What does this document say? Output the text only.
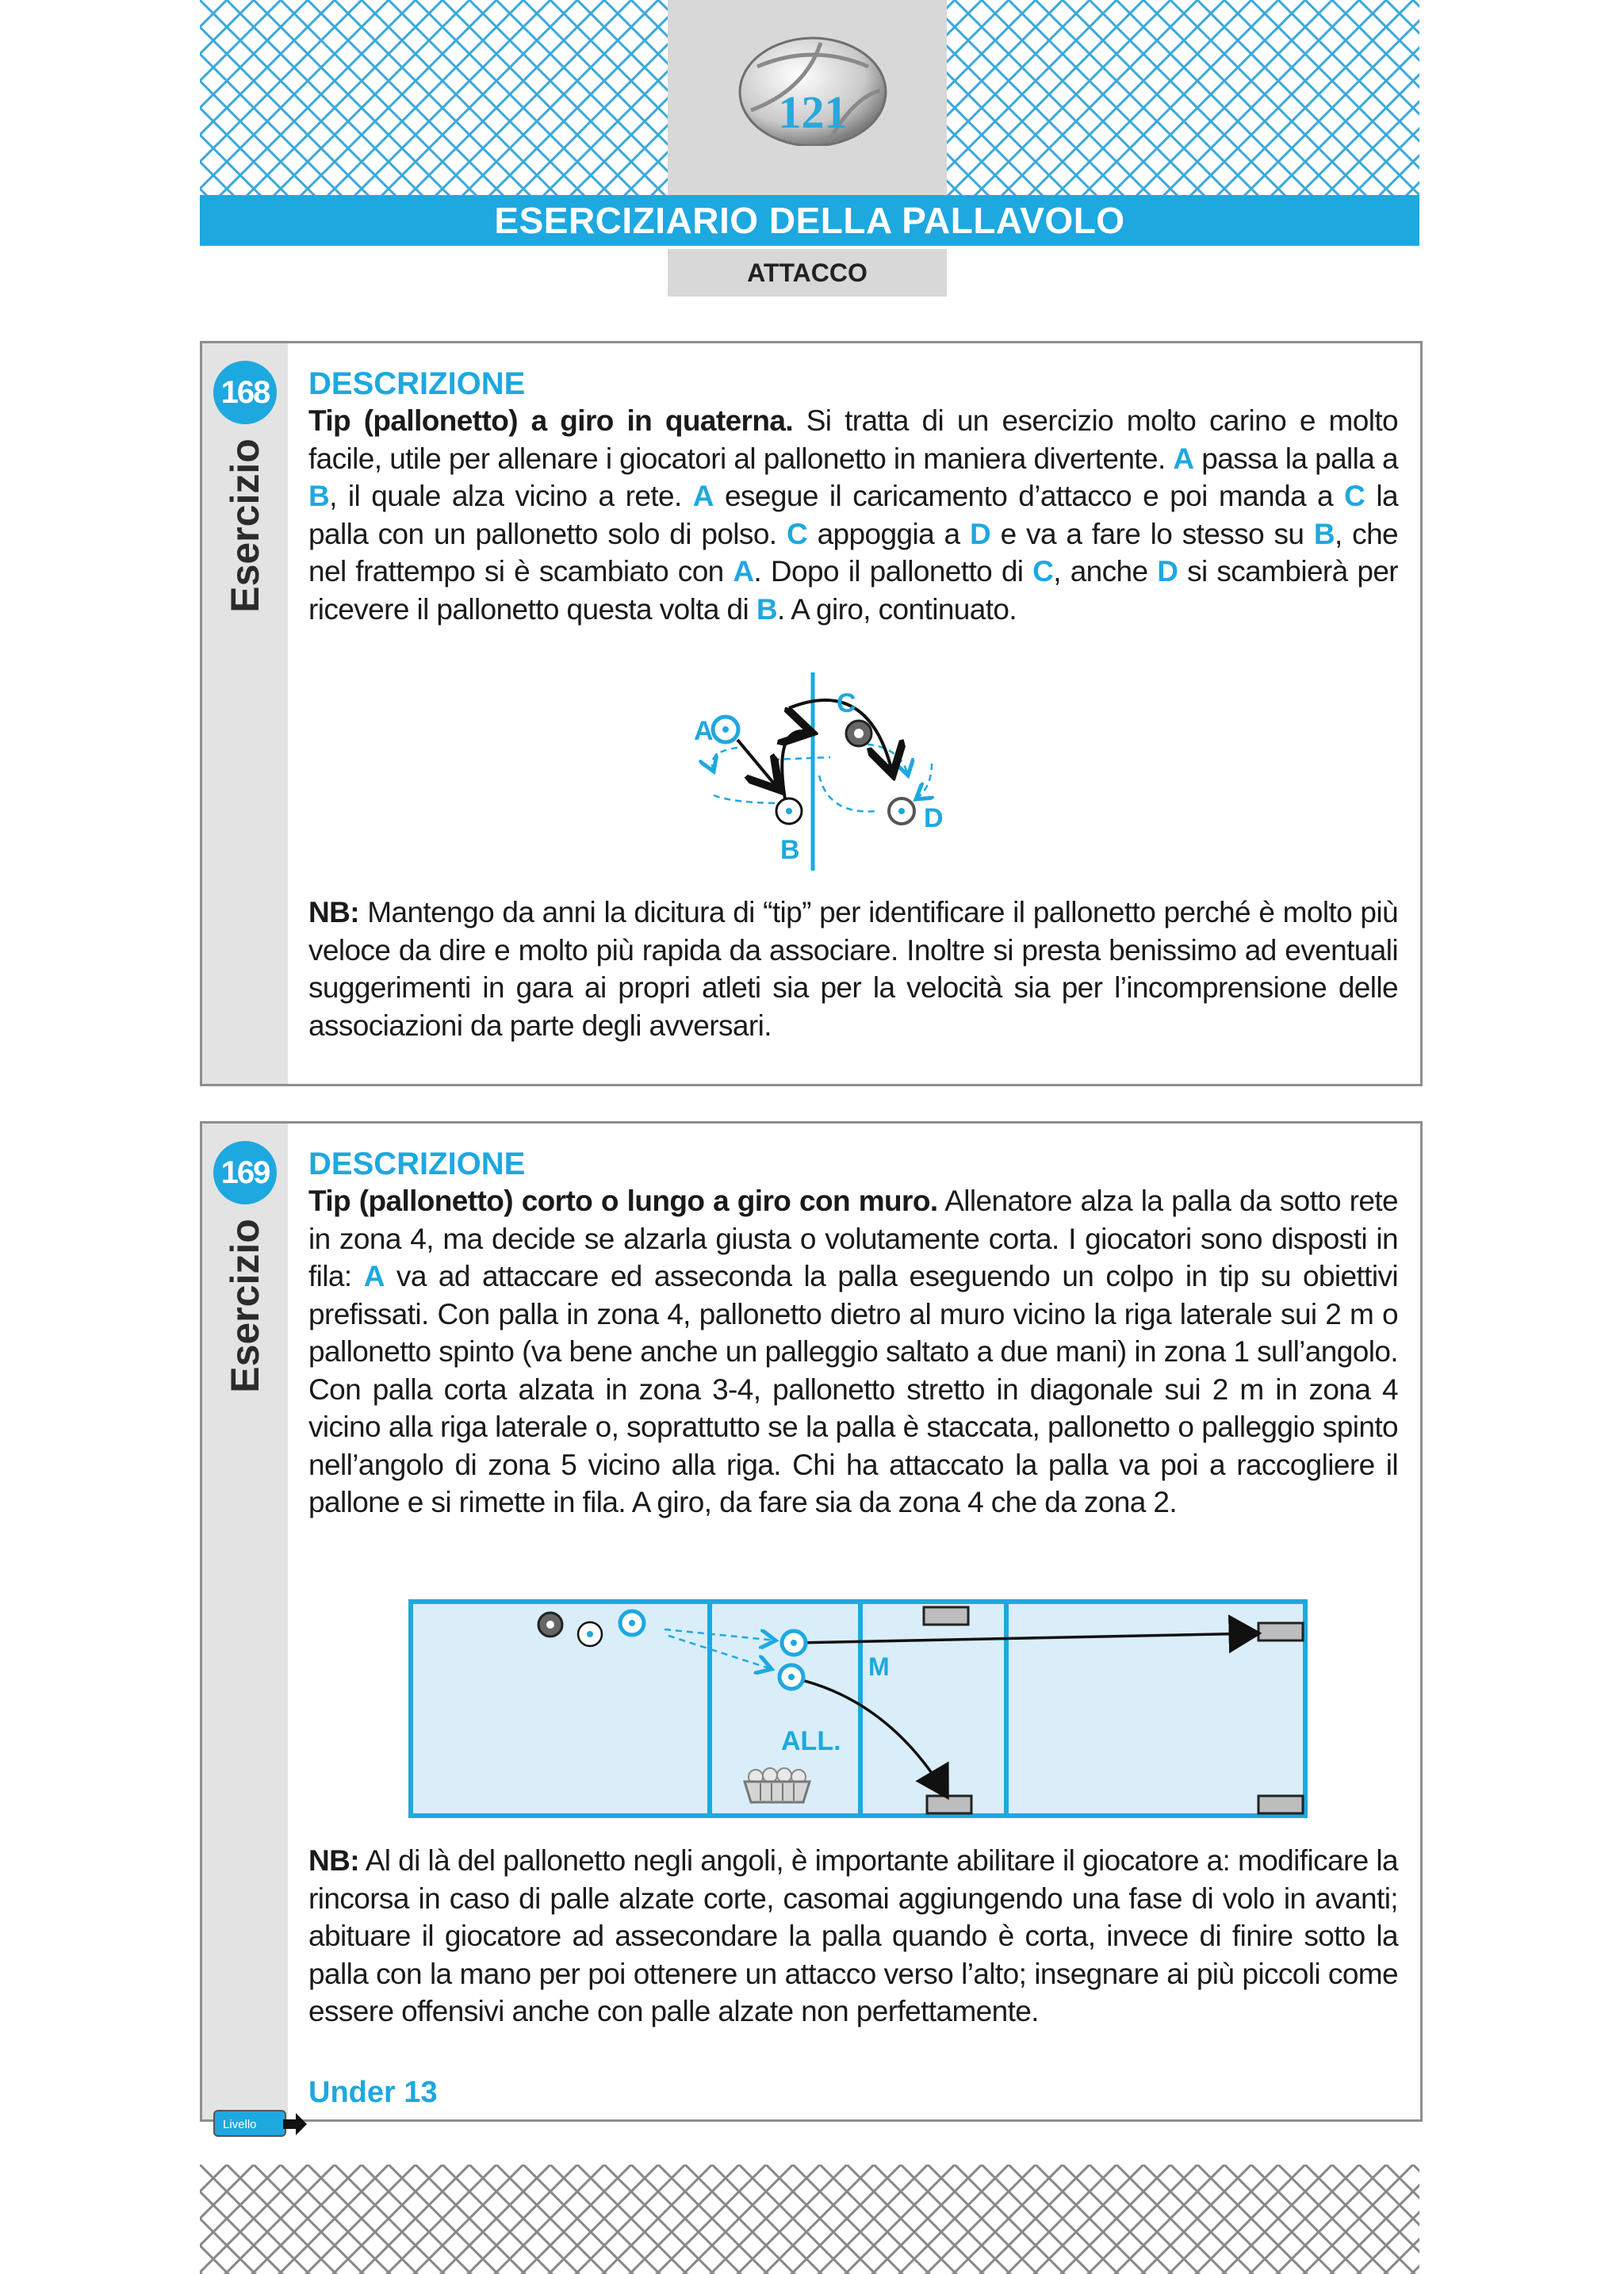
121
ESERCIZIARIO DELLA PALLAVOLO
ATTACCO
168
Esercizio
DESCRIZIONE

Tip (pallonetto) a giro in quaterna. Si tratta di un esercizio molto carino e molto facile, utile per allenare i giocatori al pallonetto in maniera divertente. A passa la palla a B, il quale alza vicino a rete. A esegue il caricamento d’attacco e poi manda a C la palla con un pallonetto solo di polso. C appoggia a D e va a fare lo stesso su B, che nel frattempo si è scambiato con A. Dopo il pallonetto di C, anche D si scambierà per ricevere il pallonetto questa volta di B. A giro, continuato.

A
B
C
D

NB: Mantengo da anni la dicitura di “tip” per identificare il pallonetto perché è molto più veloce da dire e molto più rapida da associare. Inoltre si presta benissimo ad eventuali suggerimenti in gara ai propri atleti sia per la velocità sia per l’incomprensione delle associazioni da parte degli avversari.

169
Esercizio
Livello
DESCRIZIONE

Tip (pallonetto) corto o lungo a giro con muro. Allenatore alza la palla da sotto rete in zona 4, ma decide se alzarla giusta o volutamente corta. I giocatori sono disposti in fila: A va ad attaccare ed asseconda la palla eseguendo un colpo in tip su obiettivi prefissati. Con palla in zona 4, pallonetto dietro al muro vicino la riga laterale sui 2 m o pallonetto spinto (va bene anche un palleggio saltato a due mani) in zona 1 sull’angolo. Con palla corta alzata in zona 3-4, pallonetto stretto in diagonale sui 2 m in zona 4 vicino alla riga laterale o, soprattutto se la palla è staccata, pallonetto o palleggio spinto nell’angolo di zona 5 vicino alla riga. Chi ha attaccato la palla va poi a raccogliere il pallone e si rimette in fila. A giro, da fare sia da zona 4 che da zona 2.

M
ALL.

NB: Al di là del pallonetto negli angoli, è importante abilitare il giocatore a: modificare la rincorsa in caso di palle alzate corte, casomai aggiungendo una fase di volo in avanti; abituare il giocatore ad assecondare la palla quando è corta, invece di finire sotto la palla con la mano per poi ottenere un attacco verso l’alto; insegnare ai più piccoli come essere offensivi anche con palle alzate non perfettamente.

Under 13
